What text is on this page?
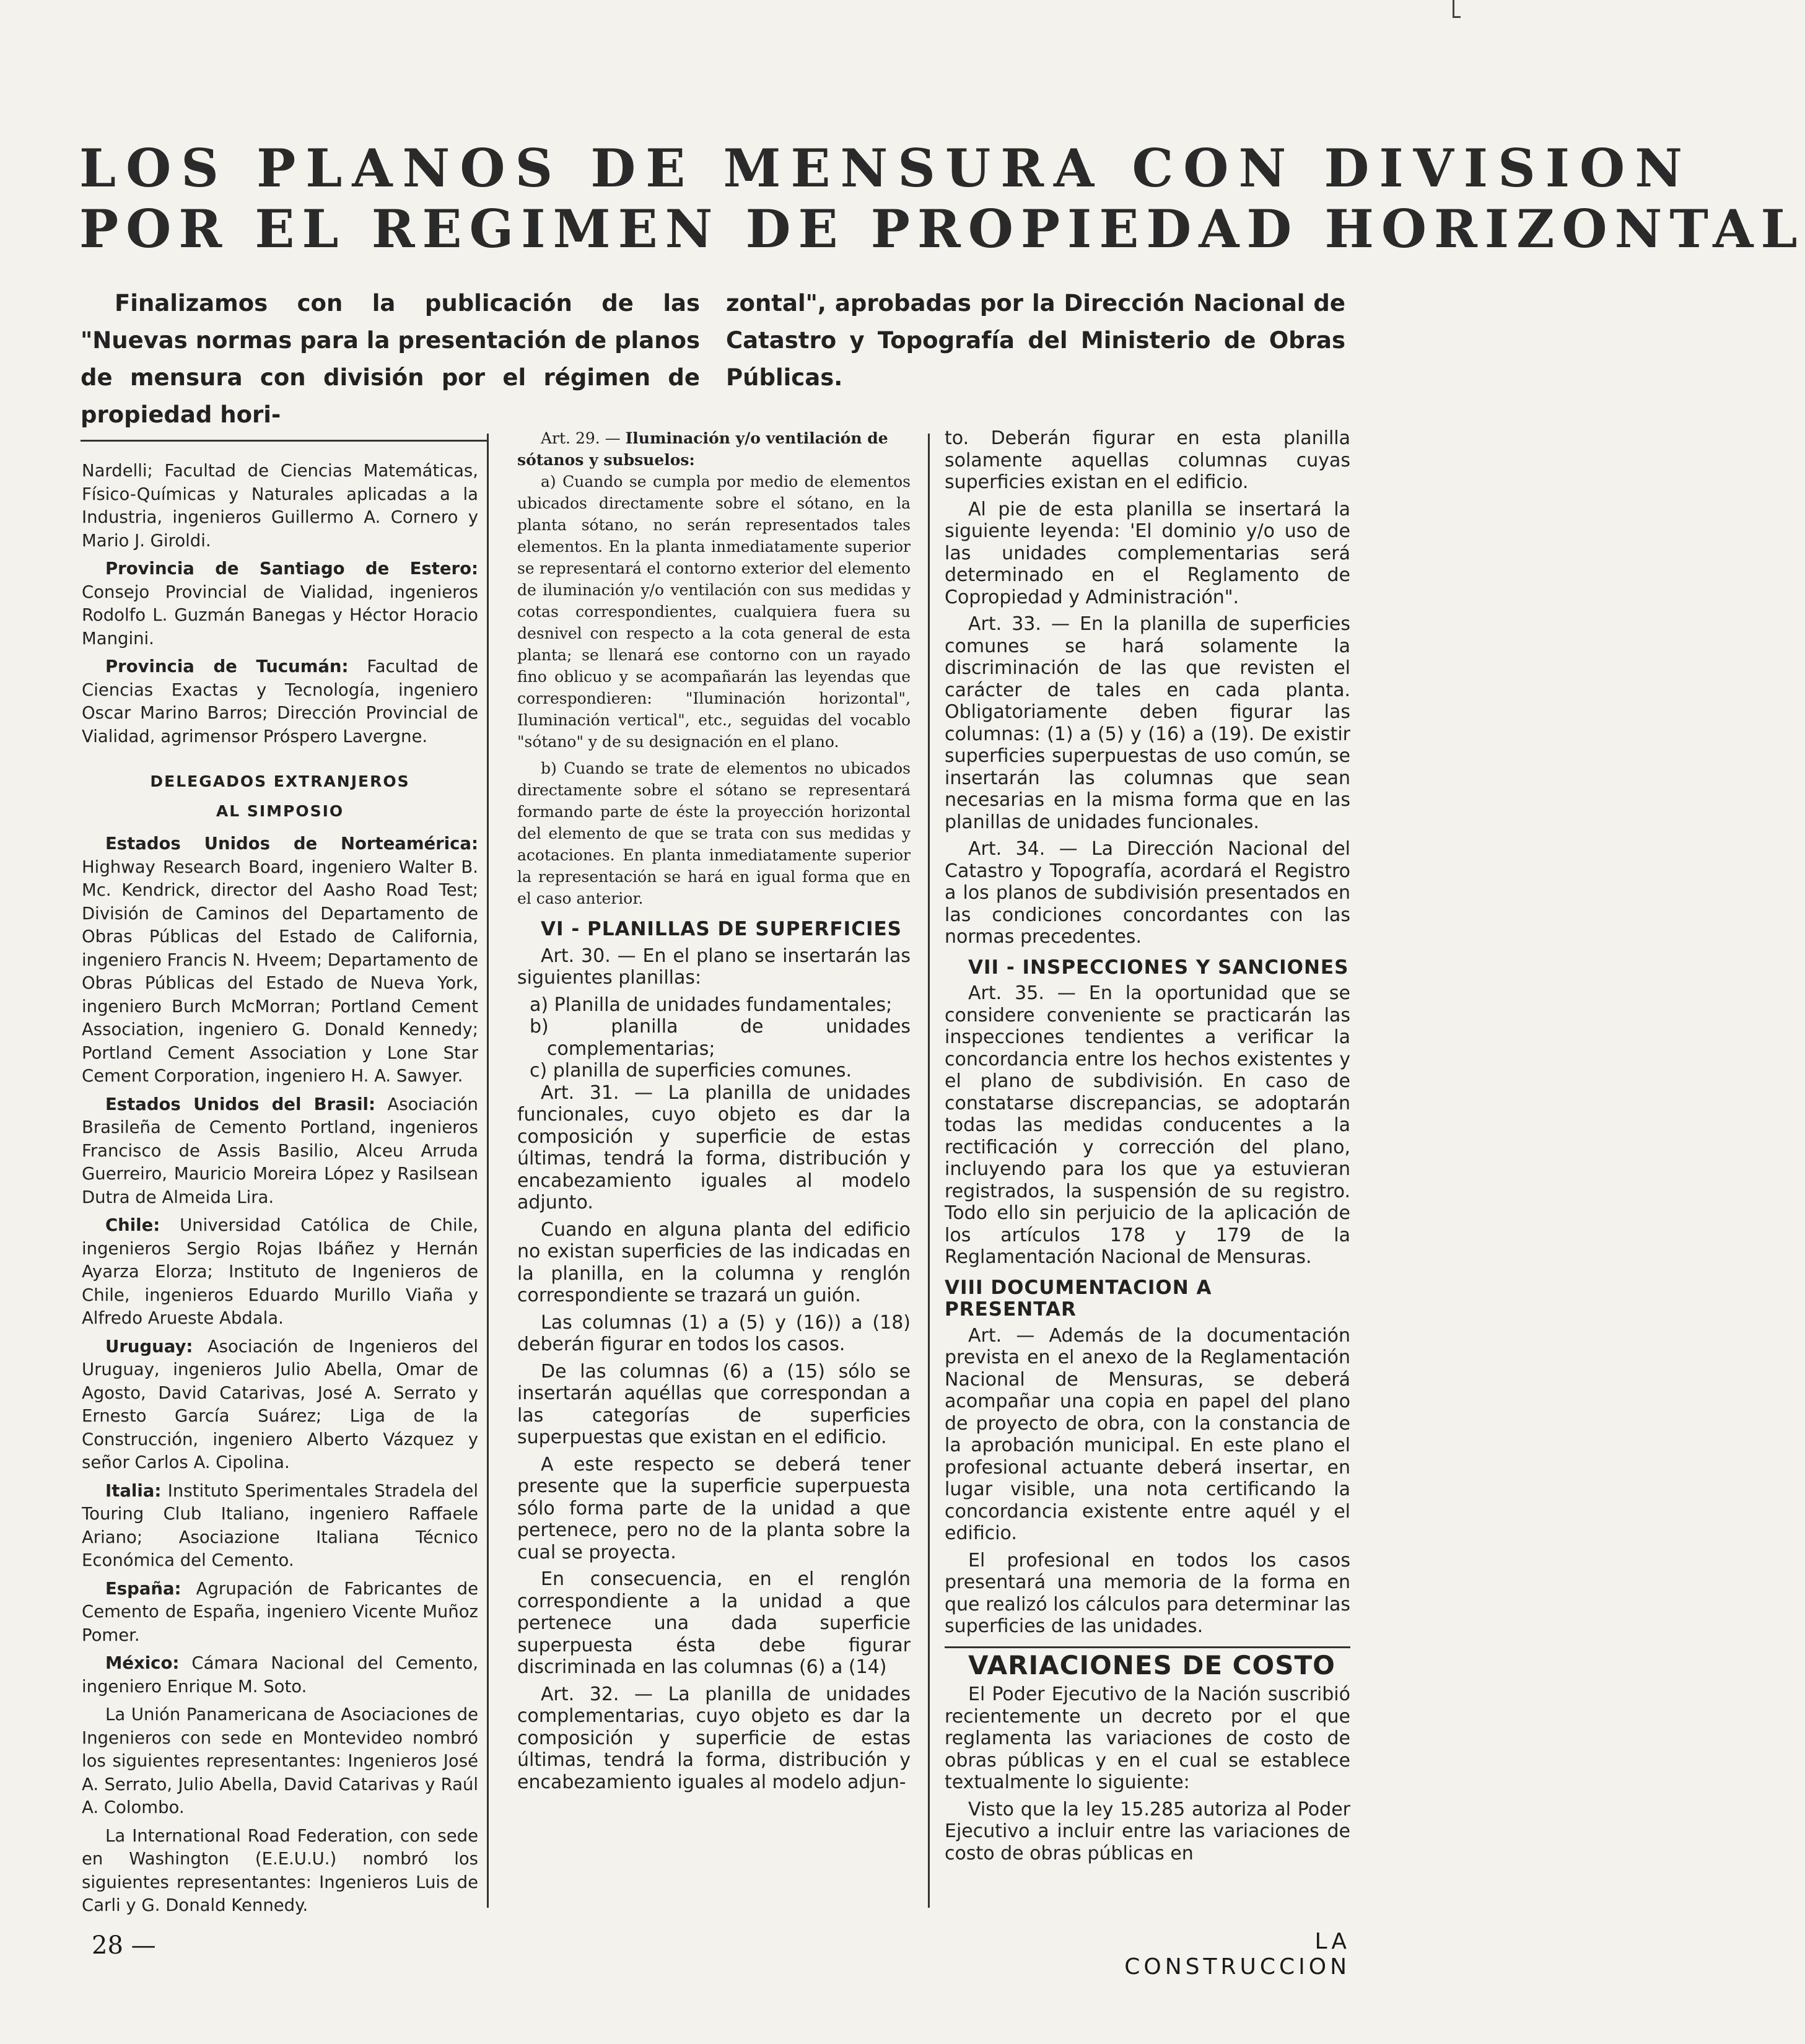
LOS PLANOS DE MENSURA CON DIVISION
POR EL REGIMEN DE PROPIEDAD HORIZONTAL
Finalizamos con la publicación de las "Nuevas normas para la presentación de planos de mensura con división por el régimen de propiedad hori-
zontal", aprobadas por la Dirección Nacional de Catastro y Topografía del Ministerio de Obras Públicas.

Nardelli; Facultad de Ciencias Matemáticas, Físico-Químicas y Naturales aplicadas a la Industria, ingenieros Guillermo A. Cornero y Mario J. Giroldi.

Provincia de Santiago de Estero: Consejo Provincial de Vialidad, ingenieros Rodolfo L. Guzmán Banegas y Héctor Horacio Mangini.

Provincia de Tucumán: Facultad de Ciencias Exactas y Tecnología, ingeniero Oscar Marino Barros; Dirección Provincial de Vialidad, agrimensor Próspero Lavergne.

DELEGADOS EXTRANJEROS
AL SIMPOSIO

Estados Unidos de Norteamérica: Highway Research Board, ingeniero Walter B. Mc. Kendrick, director del Aasho Road Test; División de Caminos del Departamento de Obras Públicas del Estado de California, ingeniero Francis N. Hveem; Departamento de Obras Públicas del Estado de Nueva York, ingeniero Burch McMorran; Portland Cement Association, ingeniero G. Donald Kennedy; Portland Cement Association y Lone Star Cement Corporation, ingeniero H. A. Sawyer.

Estados Unidos del Brasil: Asociación Brasileña de Cemento Portland, ingenieros Francisco de Assis Basilio, Alceu Arruda Guerreiro, Mauricio Moreira López y Rasilsean Dutra de Almeida Lira.

Chile: Universidad Católica de Chile, ingenieros Sergio Rojas Ibáñez y Hernán Ayarza Elorza; Instituto de Ingenieros de Chile, ingenieros Eduardo Murillo Viaña y Alfredo Arueste Abdala.

Uruguay: Asociación de Ingenieros del Uruguay, ingenieros Julio Abella, Omar de Agosto, David Catarivas, José A. Serrato y Ernesto García Suárez; Liga de la Construcción, ingeniero Alberto Vázquez y señor Carlos A. Cipolina.

Italia: Instituto Sperimentales Stradela del Touring Club Italiano, ingeniero Raffaele Ariano; Asociazione Italiana Técnico Económica del Cemento.

España: Agrupación de Fabricantes de Cemento de España, ingeniero Vicente Muñoz Pomer.

México: Cámara Nacional del Cemento, ingeniero Enrique M. Soto.

La Unión Panamericana de Asociaciones de Ingenieros con sede en Montevideo nombró los siguientes representantes: Ingenieros José A. Serrato, Julio Abella, David Catarivas y Raúl A. Colombo.

La International Road Federation, con sede en Washington (E.E.U.U.) nombró los siguientes representantes: Ingenieros Luis de Carli y G. Donald Kennedy.

Art. 29. — Iluminación y/o ventilación de sótanos y subsuelos:

a) Cuando se cumpla por medio de elementos ubicados directamente sobre el sótano, en la planta sótano, no serán representados tales elementos. En la planta inmediatamente superior se representará el contorno exterior del elemento de iluminación y/o ventilación con sus medidas y cotas correspondientes, cualquiera fuera su desnivel con respecto a la cota general de esta planta; se llenará ese contorno con un rayado fino oblicuo y se acompañarán las leyendas que correspondieren: "Iluminación horizontal", Iluminación vertical", etc., seguidas del vocablo "sótano" y de su designación en el plano.

b) Cuando se trate de elementos no ubicados directamente sobre el sótano se representará formando parte de éste la proyección horizontal del elemento de que se trata con sus medidas y acotaciones. En planta inmediatamente superior la representación se hará en igual forma que en el caso anterior.

VI - PLANILLAS DE SUPERFICIES

Art. 30. — En el plano se insertarán las siguientes planillas:

a) Planilla de unidades fundamentales;

b) planilla de unidades complementarias;

c) planilla de superficies comunes.

Art. 31. — La planilla de unidades funcionales, cuyo objeto es dar la composición y superficie de estas últimas, tendrá la forma, distribución y encabezamiento iguales al modelo adjunto.

Cuando en alguna planta del edificio no existan superficies de las indicadas en la planilla, en la columna y renglón correspondiente se trazará un guión.

Las columnas (1) a (5) y (16)) a (18) deberán figurar en todos los casos.

De las columnas (6) a (15) sólo se insertarán aquéllas que correspondan a las categorías de superficies superpuestas que existan en el edificio.

A este respecto se deberá tener presente que la superficie superpuesta sólo forma parte de la unidad a que pertenece, pero no de la planta sobre la cual se proyecta.

En consecuencia, en el renglón correspondiente a la unidad a que pertenece una dada superficie superpuesta ésta debe figurar discriminada en las columnas (6) a (14)

Art. 32. — La planilla de unidades complementarias, cuyo objeto es dar la composición y superficie de estas últimas, tendrá la forma, distribución y encabezamiento iguales al modelo adjun-

to. Deberán figurar en esta planilla solamente aquellas columnas cuyas superficies existan en el edificio.

Al pie de esta planilla se insertará la siguiente leyenda: 'El dominio y/o uso de las unidades complementarias será determinado en el Reglamento de Copropiedad y Administración".

Art. 33. — En la planilla de superficies comunes se hará solamente la discriminación de las que revisten el carácter de tales en cada planta. Obligatoriamente deben figurar las columnas: (1) a (5) y (16) a (19). De existir superficies superpuestas de uso común, se insertarán las columnas que sean necesarias en la misma forma que en las planillas de unidades funcionales.

Art. 34. — La Dirección Nacional del Catastro y Topografía, acordará el Registro a los planos de subdivisión presentados en las condiciones concordantes con las normas precedentes.

VII - INSPECCIONES Y SANCIONES

Art. 35. — En la oportunidad que se considere conveniente se practicarán las inspecciones tendientes a verificar la concordancia entre los hechos existentes y el plano de subdivisión. En caso de constatarse discrepancias, se adoptarán todas las medidas conducentes a la rectificación y corrección del plano, incluyendo para los que ya estuvieran registrados, la suspensión de su registro. Todo ello sin perjuicio de la aplicación de los artículos 178 y 179 de la Reglamentación Nacional de Mensuras.

VIII DOCUMENTACION A PRESENTAR

Art. — Además de la documentación prevista en el anexo de la Reglamentación Nacional de Mensuras, se deberá acompañar una copia en papel del plano de proyecto de obra, con la constancia de la aprobación municipal. En este plano el profesional actuante deberá insertar, en lugar visible, una nota certificando la concordancia existente entre aquél y el edificio.

El profesional en todos los casos presentará una memoria de la forma en que realizó los cálculos para determinar las superficies de las unidades.

VARIACIONES DE COSTO

El Poder Ejecutivo de la Nación suscribió recientemente un decreto por el que reglamenta las variaciones de costo de obras públicas y en el cual se establece textualmente lo siguiente:

Visto que la ley 15.285 autoriza al Poder Ejecutivo a incluir entre las variaciones de costo de obras públicas en

28 —	LA CONSTRUCCION
